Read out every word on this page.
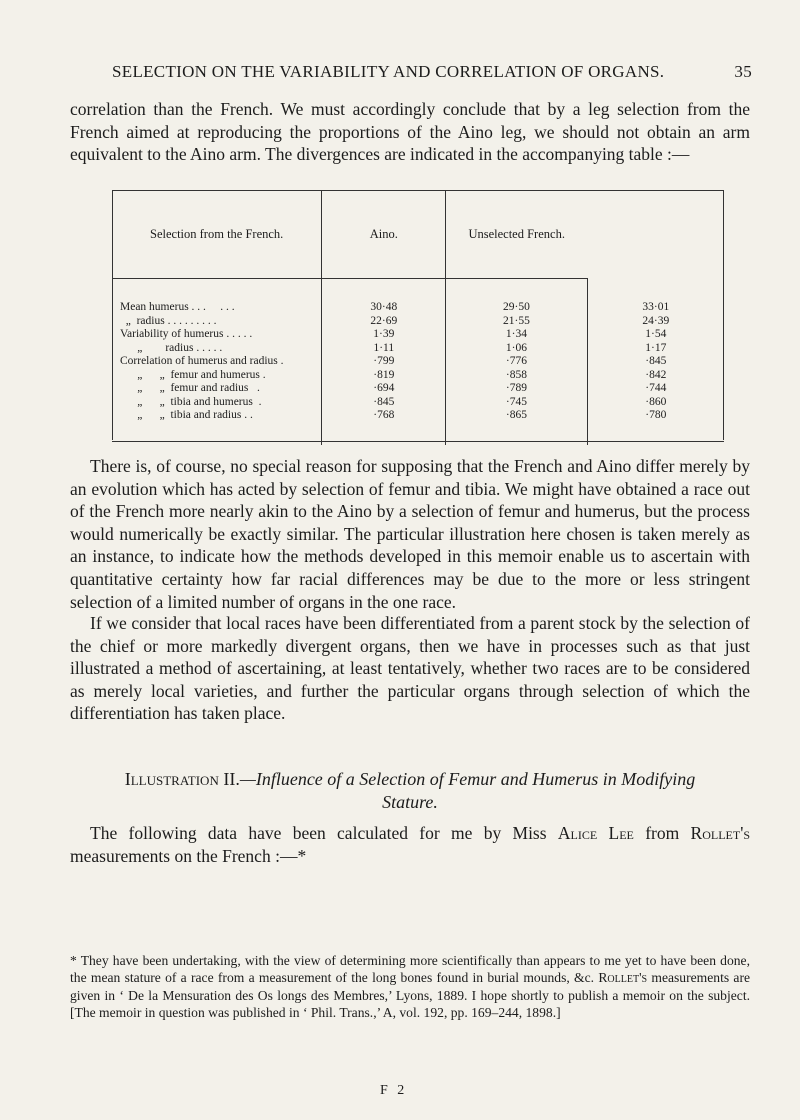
SELECTION ON THE VARIABILITY AND CORRELATION OF ORGANS.	35

correlation than the French. We must accordingly conclude that by a leg selection from the French aimed at reproducing the proportions of the Aino leg, we should not obtain an arm equivalent to the Aino arm. The divergences are indicated in the accompanying table :—

Selection from the French.	Aino.	Unselected French.	
Mean humerus . . .     . . .	30·48	29·50	33·01
„  radius . . . . . . . . .	22·69	21·55	24·39
Variability of humerus . . . . .	1·39	1·34	1·54
„        radius . . . . .	1·11	1·06	1·17
Correlation of humerus and radius .	·799	·776	·845
„      „  femur and humerus .	·819	·858	·842
„      „  femur and radius   .	·694	·789	·744
„      „  tibia and humerus  .	·845	·745	·860
„      „  tibia and radius . .	·768	·865	·780

There is, of course, no special reason for supposing that the French and Aino differ merely by an evolution which has acted by selection of femur and tibia. We might have obtained a race out of the French more nearly akin to the Aino by a selection of femur and humerus, but the process would numerically be exactly similar. The particular illustration here chosen is taken merely as an instance, to indicate how the methods developed in this memoir enable us to ascertain with quantitative certainty how far racial differences may be due to the more or less stringent selection of a limited number of organs in the one race.

If we consider that local races have been differentiated from a parent stock by the selection of the chief or more markedly divergent organs, then we have in processes such as that just illustrated a method of ascertaining, at least tentatively, whether two races are to be considered as merely local varieties, and further the particular organs through selection of which the differentiation has taken place.

Illustration II.—Influence of a Selection of Femur and Humerus in Modifying
Stature.

The following data have been calculated for me by Miss Alice Lee from Rollet's measurements on the French :—*

* They have been undertaking, with the view of determining more scientifically than appears to me yet to have been done, the mean stature of a race from a measurement of the long bones found in burial mounds, &c. Rollet's measurements are given in ‘ De la Mensuration des Os longs des Membres,’ Lyons, 1889. I hope shortly to publish a memoir on the subject. [The memoir in question was published in ‘ Phil. Trans.,’ A, vol. 192, pp. 169–244, 1898.]

F 2
